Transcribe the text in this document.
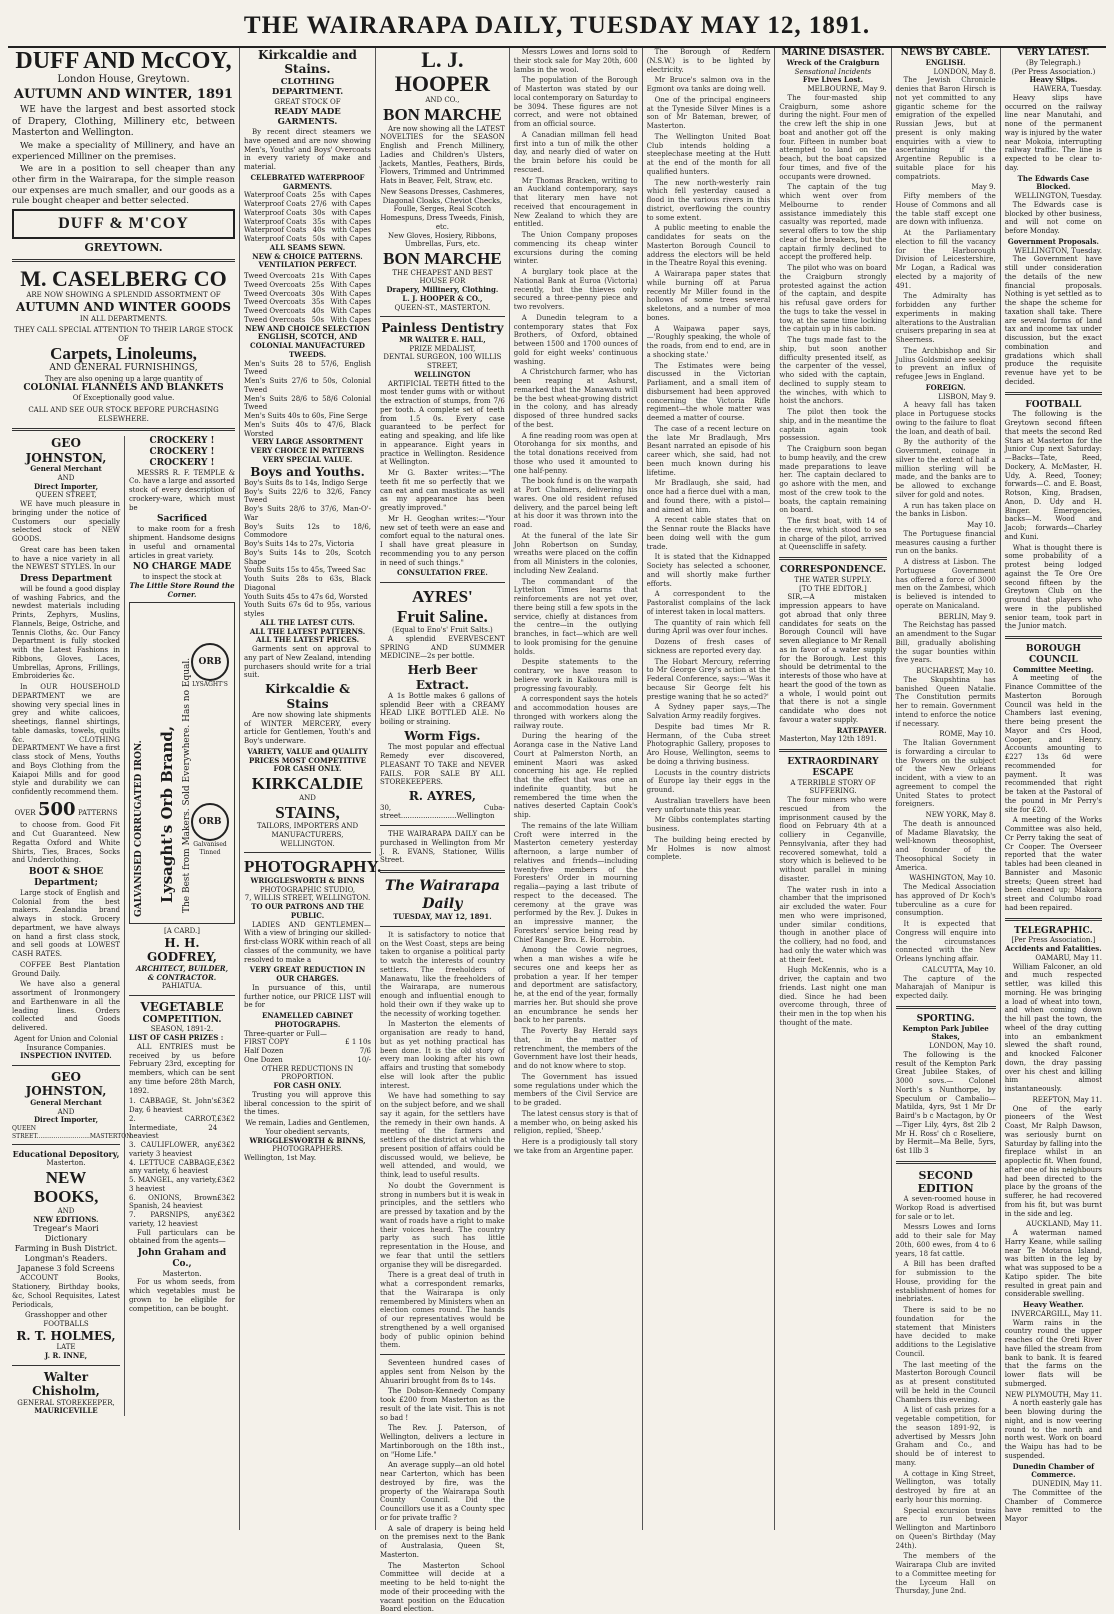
THE WAIRARAPA DAILY, TUESDAY MAY 12, 1891.
DUFF AND McCOY,
London House, Greytown.
AUTUMN AND WINTER, 1891

WE have the largest and best assorted stock of Drapery, Clothing, Millinery etc, between Masterton and Wellington.

We make a speciality of Millinery, and have an experienced Milliner on the premises.

We are in a position to sell cheaper than any other firm in the Wairarapa, for the simple reason our expenses are much smaller, and our goods as a rule bought cheaper and better selected.

DUFF & M'COY
GREYTOWN.
M. CASELBERG CO
ARE NOW SHOWING A SPLENDID ASSORTMENT OF
AUTUMN AND WINTER GOODS
IN ALL DEPARTMENTS.
THEY CALL SPECIAL ATTENTION TO THEIR LARGE STOCK OF
Carpets, Linoleums,
AND GENERAL FURNISHINGS,
They are also opening up a large quantity of
COLONIAL FLANNELS AND BLANKETS
Of Exceptionally good value.
CALL AND SEE OUR STOCK BEFORE PURCHASING ELSEWHERE.
GEO JOHNSTON,
General Merchant
AND
Direct Importer,
QUEEN STREET,

WE have much pleasure in bringing under the notice of Customers our specially selected stock of NEW GOODS.

Great care has been taken to have a nice variety in all the NEWEST STYLES. In our

Dress Department

will be found a good display of washing Fabrics, and the newdest materials including Prints, Zephyrs, Muslins, Flannels, Beige, Ostriche, and Tennis Cloths, &c. Our Fancy Department is fully stocked with the Latest Fashions in Ribbons, Gloves, Laces, Umbrellas, Aprons, Frillings, Embroideries &c.

In OUR HOUSEHOLD DEPARTMENT we are showing very special lines in grey and white calicoes, sheetings, flannel shirtings, table damasks, towels, quilts &c. CLOTHING DEPARTMENT We have a first class stock of Mens, Youths and Boys Clothing from the Kaiapoi Mills and for good style and durability we can confidently recommend them.

OVER 500 PATTERNS

to choose from. Good Fit and Cut Guaranteed. New Regatta Oxford and White Shirts, Ties, Braces, Socks and Underclothing.

BOOT & SHOE Department;

Large stock of English and Colonial from the best makers. Zealandia brand always in stock. Grocery department, we have always on hand a first class stock, and sell goods at LOWEST CASH RATES.

COFFEE Best Plantation Ground Daily.

We have also a general assortment of Ironmongery and Earthenware in all the leading lines. Orders collected and Goods delivered.

Agent for Union and Colonial Insurance Companies.
INSPECTION INVITED.
GEO JOHNSTON,
General Merchant
AND
Direct Importer,
QUEEN STREET............................MASTERTON.
Educational Depository,
Masterton.
NEW BOOKS,
AND
NEW EDITIONS.
Tregear's Maori Dictionary
Farming in Bush District.
Longman's Readers.
Japanese 3 fold Screens

ACCOUNT Books, Stationery, Birthday books, &c, School Requisites, Latest Periodicals,

Grasshopper and other FOOTBALLS
R. T. HOLMES,
LATE
J. R. INNE,
Walter Chisholm,
GENERAL STOREKEEPER,
MAURICEVILLE
CROCKERY !
CROCKERY !
CROCKERY !

MESSRS R. F. TEMPLE & Co. have a large and assorted stock of every description of crockery-ware, which must be

Sacrificed

to make room for a fresh shipment. Handsome designs in useful and ornamental articles in great variety.

NO CHARGE MADE
to inspect the stock at
The Little Store Round the Corner.
GALVANISED CORRUGATED IRON. Lysaght's Orb Brand, The Best from Makers. Sold Everywhere. Has no Equal. ORB
LYSAGHT'S
ORB
Galvanised Tinned
[A CARD.]
H. H. GODFREY,
ARCHITECT, BUILDER,
& CONTRACTOR.
PAHIATUA.
VEGETABLE
COMPETITION.
SEASON, 1891-2.
LIST OF CASH PRIZES :

ALL ENTRIES must be received by us before February 23rd, excepting for members, which can be sent any time before 28th March, 1892.

1. CABBAGE, St. John's Day, 6 heaviest
£3 £2
2. CARROT, Intermediate, 24 heaviest
£3 £2
3. CAULIFLOWER, any variety 3 heaviest
£3 £2
4. LETTUCE CABBAGE, any variety, 6 heaviest
£3 £2
5. MANGEL, any variety, 3 heaviest
£3 £2
6. ONIONS, Brown Spanish, 24 heaviest
£3 £2
7. PARSNIPS, any variety, 12 heaviest
£3 £2

Full particulars can be obtained from the agents—

John Graham and Co.,
Masterton.

For us whom seeds, from which vegetables must be grown to be eligible for competition, can be bought.

Kirkcaldie and Stains.
CLOTHING DEPARTMENT.
GREAT STOCK OF
READY MADE GARMENTS.

By recent direct steamers we have opened and are now showing Men's, Youths' and Boys' Overcoats in every variety of make and material.

CELEBRATED WATERPROOF GARMENTS.
Waterproof Coats 25s with Capes
Waterproof Coats 27/6 with Capes
Waterproof Coats 30s with Capes
Waterproof Coats 35s with Capes
Waterproof Coats 40s with Capes
Waterproof Coats 50s with Capes
ALL SEAMS SEWN.
NEW & CHOICE PATTERNS.
VENTILATION PERFECT.
Tweed Overcoats 21s With Capes
Tweed Overcoats 25s With Capes
Tweed Overcoats 30s With Capes
Tweed Overcoats 35s With Capes
Tweed Overcoats 40s With Capes
Tweed Overcoats 50s With Capes
NEW AND CHOICE SELECTION ENGLISH, SCOTCH, AND COLONIAL MANUFACTURED TWEEDS.
Men's Suits 28 to 57/6, English Tweed
Men's Suits 27/6 to 50s, Colonial Tweed
Men's Suits 28/6 to 58/6 Colonial Tweed
Men's Suits 40s to 60s, Fine Serge
Men's Suits 40s to 47/6, Black Worsted
VERY LARGE ASSORTMENT VERY CHOICE IN PATTERNS VERY SPECIAL VALUE.
Boys and Youths.
Boy's Suits 8s to 14s, Indigo Serge
Boy's Suits 22/6 to 32/6, Fancy Tweed
Boy's Suits 28/6 to 37/6, Man-O'-War
Boy's Suits 12s to 18/6, Commodore
Boy's Suits 14s to 27s, Victoria
Boy's Suits 14s to 20s, Scotch Shape
Youth Suits 15s to 45s, Tweed Sac
Youth Suits 28s to 63s, Black Diagonal
Youth Suits 45s to 47s 6d, Worsted
Youth Suits 67s 6d to 95s, various styles
ALL THE LATEST CUTS.
ALL THE LATEST PATTERNS.
ALL THE LATEST PRICES.

Garments sent on approval to any part of New Zealand, intending purchasers should write for a trial suit.

Kirkcaldie & Stains

Are now showing late shipments of WINTER MERCERY, every article for Gentlemen, Youth's and Boy's underware.

VARIETY, VALUE and QUALITY PRICES MOST COMPETITIVE FOR CASH ONLY.
KIRKCALDIE
AND
STAINS,
TAILORS, IMPORTERS AND MANUFACTURERS,
WELLINGTON.
PHOTOGRAPHY.
WRIGGLESWORTH & BINNS
PHOTOGRAPHIC STUDIO,
7, WILLIS STREET, WELLINGTON.
TO OUR PATRONS AND THE PUBLIC.

LADIES AND GENTLEMEN—With a view of bringing our skilled-first-class WORK within reach of all classes of the community, we have resolved to make a

VERY GREAT REDUCTION IN OUR CHARGES.

In pursuance of this, until further notice, our PRICE LIST will be for

ENAMELLED CABINET PHOTOGRAPHS.
Three-quarter or Full—
FIRST COPY	£ 1 10s
Half Dozen	7/6
One Dozen	10/-
OTHER REDUCTIONS IN PROPORTION.
FOR CASH ONLY.

Trusting you will approve this liberal concession to the spirit of the times.

We remain, Ladies and Gentlemen, Your obedient servants,
WRIGGLESWORTH & BINNS,
PHOTOGRAPHERS.
Wellington, 1st May.
L. J. HOOPER
AND CO.,
BON MARCHE

Are now showing all the LATEST NOVELTIES for the SEASON English and French Millinery, Ladies and Children's Ulsters, Jackets, Mantles, Feathers, Birds, Flowers, Trimmed and Untrimmed Hats in Beaver, Felt, Straw, etc.

New Seasons Dresses, Cashmeres, Diagonal Cloaks, Cheviot Checks, Foulle, Serges, Real Scotch Homespuns, Dress Tweeds, Finish, etc.
New Gloves, Hosiery, Ribbons, Umbrellas, Furs, etc.
BON MARCHE
THE CHEAPEST AND BEST HOUSE FOR
Drapery, Millinery, Clothing.
L. J. HOOPER & CO.,
QUEEN-ST., MASTERTON.
Painless Dentistry
MR WALTER E. HALL,
PRIZE MEDALIST,
DENTAL SURGEON, 100 WILLIS STREET,
WELLINGTON

ARTIFICIAL TEETH fitted to the most tender gums with or without the extraction of stumps, from 7/6 per tooth. A complete set of teeth from 1.5 0s. Every case guaranteed to be perfect for eating and speaking, and life like in appearance. Eight years in practice in Wellington. Residence at Wellington.

Mr G. Baxter writes:—"The teeth fit me so perfectly that we can eat and can masticate as well as my appearance has been greatly improved."

Mr H. Geoghan writes:—"Your new set of teeth were an ease and comfort equal to the natural ones. I shall have great pleasure in recommending you to any person in need of such things."

CONSULTATION FREE.
AYRES'
Fruit Saline.
(Equal to Eno's' Fruit Salts.)

A splendid EVERVESCENT SPRING AND SUMMER MEDICINE—2s per bottle.

Herb Beer Extract.

A 1s Bottle makes 6 gallons of splendid Beer with a CREAMY HEAD LIKE BOTTLED ALE. No boiling or straining.

Worm Figs.

The most popular and effectual Remedy ever discovered, PLEASANT TO TAKE and NEVER FAILS. FOR SALE BY ALL STOREKEEPERS.

R. AYRES,
30, Cuba-street.........................Wellington

THE WAIRARAPA DAILY can be purchased in Wellington from Mr J. R. EVANS, Stationer, Willis Street.

The Wairarapa Daily
TUESDAY, MAY 12, 1891.

It is satisfactory to notice that on the West Coast, steps are being taken to organise a political party to watch the interests of country settlers. The freeholders of Manawatu, like the freeholders of the Wairarapa, are numerous enough and influential enough to hold their own if they wake up to the necessity of working together.

In Masterton the elements of organisation are ready to hand, but as yet nothing practical has been done. It is the old story of every man looking after his own affairs and trusting that somebody else will look after the public interest.

We have had something to say on the subject before, and we shall say it again, for the settlers have the remedy in their own hands. A meeting of the farmers and settlers of the district at which the present position of affairs could be discussed would, we believe, be well attended, and would, we think, lead to useful results.

No doubt the Government is strong in numbers but it is weak in principles, and the settlers who are pressed by taxation and by the want of roads have a right to make their voices heard. The country party as such has little representation in the House, and we fear that until the settlers organise they will be disregarded.

There is a great deal of truth in what a correspondent remarks, that the Wairarapa is only remembered by Ministers when an election comes round. The hands of our representatives would be strengthened by a well organised body of public opinion behind them.

Seventeen hundred cases of apples sent from Nelson by the Ahuariri brought from 8s to 14s.

The Dobson-Kennedy Company took £200 from Masterton as the result of the late visit. This is not so bad !

The Rev. J. Paterson, of Wellington, delivers a lecture in Martinborough on the 18th inst., on "Home Life."

An average supply—an old hotel near Carterton, which has been destroyed by fire, was the property of the Wairarapa South County Council. Did the Councillors use it as a County spec or for private traffic ?

A sale of drapery is being held on the premises next to the Bank of Australasia, Queen St, Masterton.

The Masterton School Committee will decide at a meeting to be held to-night the mode of their proceeding with the vacant position on the Education Board election.

Messrs Lowes and Iorns sold to their stock sale for May 20th, 600 lambs in the wool.

The population of the Borough of Masterton was stated by our local contemporary on Saturday to be 3094. These figures are not correct, and were not obtained from an official source.

A Canadian millman fell head first into a tun of milk the other day, and nearly died of water on the brain before his could be rescued.

Mr Thomas Bracken, writing to an Auckland contemporary, says that literary men have not received that encouragement in New Zealand to which they are entitled.

The Union Company proposes commencing its cheap winter excursions during the coming winter.

A burglary took place at the National Bank at Euroa (Victoria) recently, but the thieves only secured a three-penny piece and two revolvers.

A Dunedin telegram to a contemporary states that Fox Brothers, of Oxford, obtained between 1500 and 1700 ounces of gold for eight weeks' continuous washing.

A Christchurch farmer, who has been reaping at Ashurst, remarked that the Manawatu will be the best wheat-growing district in the colony, and has already disposed of three hundred sacks of the best.

A fine reading room was open at Otorohanga for six months, and the total donations received from those who used it amounted to one half-penny.

The book fund is on the warpath at Port Chalmers, delivering his wares. One old resident refused delivery, and the parcel being left at his door it was thrown into the road.

At the funeral of the late Sir John Robertson on Sunday, wreaths were placed on the coffin from all Ministers in the colonies, including New Zealand.

The commandant of the Lyttelton Times learns that reinforcements are not yet over, there being still a few spots in the service, chiefly at distances from the centre—in the outlying branches, in fact—which are well to look promising for the genuine holds.

Despite statements to the contrary, we have reason to believe work in Kaikoura mill is progressing favourably.

A correspondent says the hotels and accommodation houses are thronged with workers along the railway route.

During the hearing of the Aoranga case in the Native Land Court at Palmerston North, an eminent Maori was asked concerning his age. He replied that the effect that was one an indefinite quantity, but he remembered the time when the natives deserted Captain Cook's ship.

The remains of the late William Croft were interred in the Masterton cemetery yesterday afternoon, a large number of relatives and friends—including twenty-five members of the Foresters' Order in mourning regalia—paying a last tribute of respect to the deceased. The ceremony at the grave was performed by the Rev. J. Dukes in an impressive manner, the Foresters' service being read by Chief Ranger Bro. E. Horrobin.

Among the Cowie negroes, when a man wishes a wife he secures one and keeps her as probation a year. If her temper and deportment are satisfactory, he, at the end of the year, formally marries her. But should she prove an encumbrance he sends her back to her parents.

The Poverty Bay Herald says that, in the matter of retrenchment, the members of the Government have lost their heads, and do not know where to stop.

The Government has issued some regulations under which the members of the Civil Service are to be graded.

The latest census story is that of a member who, on being asked his religion, replied, 'Sheep.'

Here is a prodigiously tall story we take from an Argentine paper.

The Borough of Redfern (N.S.W.) is to be lighted by electricity.

Mr Bruce's salmon ova in the Egmont ova tanks are doing well.

One of the principal engineers at the Tyneside Silver Mines is a son of Mr Bateman, brewer, of Masterton.

The Wellington United Boat Club intends holding a steeplechase meeting at the Hutt at the end of the month for all qualified hunters.

The new north-westerly rain which fell yesterday caused a flood in the various rivers in this district, overflowing the country to some extent.

A public meeting to enable the candidates for seats on the Masterton Borough Council to address the electors will be held in the Theatre Royal this evening.

A Wairarapa paper states that while burning off at Parua recently Mr Miller found in the hollows of some trees several skeletons, and a number of moa bones.

A Waipawa paper says,—'Roughly speaking, the whole of the roads, from end to end, are in a shocking state.'

The Estimates were being discussed in the Victorian Parliament, and a small item of disbursement had been approved concerning the Victoria Rifle regiment—the whole matter was deemed a matter of course.

The case of a recent lecture on the late Mr Bradlaugh, Mrs Besant narrated an episode of his career which, she said, had not been much known during his lifetime.

Mr Bradlaugh, she said, had once had a fierce duel with a man, and found there, with a pistol—and aimed at him.

A recent cable states that on the Sennar route the Blacks have been doing well with the gum trade.

It is stated that the Kidnapped Society has selected a schooner, and will shortly make further efforts.

A correspondent to the Pastoralist complains of the lack of interest taken in local matters.

The quantity of rain which fell during April was over four inches.

Dozens of fresh cases of sickness are reported every day.

The Hobart Mercury, referring to Mr George Grey's action at the Federal Conference, says:—'Was it because Sir George felt his prestige waning that he so acted?'

A Sydney paper says,—The Salvation Army readily forgives.

Despite bad times Mr R. Hermann, of the Cuba street Photographic Gallery, proposes to Aro House, Wellington, seems to be doing a thriving business.

Locusts in the country districts of Europe lay their eggs in the ground.

Australian travellers have been very unfortunate this year.

Mr Gibbs contemplates starting business.

The building being erected by Mr Holmes is now almost complete.

MARINE DISASTER.
Wreck of the Craigburn
Sensational Incidents
Five Lives Lost.
MELBOURNE, May 9.

The four-masted ship Craigburn, some ashore during the night. Four men of the crew left the ship in one boat and another got off the four. Fifteen in number boat attempted to land on the beach, but the boat capsized four times, and five of the occupants were drowned.

The captain of the tug which went over from Melbourne to render assistance immediately this casualty was reported, made several offers to tow the ship clear of the breakers, but the captain firmly declined to accept the proffered help.

The pilot who was on board the Craigburn strongly protested against the action of the captain, and despite his refusal gave orders for the tugs to take the vessel in tow, at the same time locking the captain up in his cabin.

The tugs made fast to the ship, but soon another difficulty presented itself, as the carpenter of the vessel, who sided with the captain, declined to supply steam to the winches, with which to hoist the anchors.

The pilot then took the ship, and in the meantime the captain again took possession.

The Craigburn soon began to bump heavily, and the crew made preparations to leave her. The captain declared to go ashore with the men, and most of the crew took to the boats, the captain remaining on board.

The first boat, with 14 of the crew, which stood to sea in charge of the pilot, arrived at Queenscliffe in safety.

CORRESPONDENCE.
THE WATER SUPPLY.
[TO THE EDITOR.]

SIR,—A mistaken impression appears to have got abroad that only three candidates for seats on the Borough Council will have seven allegiance to Mr Renall as in favor of a water supply for the Borough. Lest this should be detrimental to the interests of those who have at heart the good of the town as a whole, I would point out that there is not a single candidate who does not favour a water supply.

RATEPAYER.
Masterton, May 12th 1891.
EXTRAORDINARY ESCAPE
A TERRIBLE STORY OF SUFFERING.

The four miners who were rescued from the imprisonment caused by the flood on February 4th at a colliery in Ceganville, Pennsylvania, after they had recovered somewhat, told a story which is believed to be without parallel in mining disaster.

The water rush in into a chamber that the imprisoned air excluded the water. Four men who were imprisoned, under similar conditions, though in another place of the colliery, had no food, and had only the water which was at their feet.

Hugh McKennis, who is a driver, the captain and two friends. Last night one man died. Since he had been overcome through, three of their men in the top when his thought of the mate.

NEWS BY CABLE.
ENGLISH.
LONDON, May 8.

The Jewish Chronicle denies that Baron Hirsch is not yet committed to any gigantic scheme for the emigration of the expelled Russian Jews, but at present is only making enquiries with a view to ascertaining if the Argentine Republic is a suitable place for his compatriots.

May 9.

Fifty members of the House of Commons and all the table staff except one are down with influenza.

At the Parliamentary election to fill the vacancy for the Harborough Division of Leicestershire, Mr Logan, a Radical was elected by a majority of 491.

The Admiralty has forbidden any further experiments in making alterations to the Australian cruisers preparing in sea at Sheerness.

The Archbishop and Sir Julius Goldsmid are seeking to prevent an influx of refugee Jews in England.

FOREIGN.
LISBON, May 9.

A heavy fall has taken place in Portuguese stocks owing to the failure to float the loan, and death of bail.

By the authority of the Government, coinage in silver to the extent of half a million sterling will be made, and the banks are to be allowed to exchange silver for gold and notes.

A run has taken place on the banks in Lisbon.

May 10.

The Portuguese financial measures causing a further run on the banks.

A distress at Lisbon. The Portuguese Government has offered a force of 3000 men on the Zambesi, which is believed is intended to operate on Manicaland.

BERLIN, May 9.

The Reichstag has passed an amendment to the Sugar Bill, gradually abolishing the sugar bounties within five years.

BUCHAREST, May 10.

The Skupshtina has banished Queen Natalie. The Constitution permits her to remain. Government intend to enforce the notice if necessary.

ROME, May 10.

The Italian Government is forwarding a circular to the Powers on the subject of the New Orleans incident, with a view to an agreement to compel the United States to protect foreigners.

NEW YORK, May 8.

The death is announced of Madame Blavatsky, the well-known theosophist, and founder of the Theosophical Society in America.

WASHINGTON, May 10.

The Medical Association has approved of Dr Koch's tuberculine as a cure for consumption.

It is expected that Congress will enquire into the circumstances connected with the New Orleans lynching affair.

CALCUTTA, May 10.

The capture of the Maharajah of Manipur is expected daily.

SPORTING.
Kempton Park Jubilee Stakes,
LONDON, May 10.

The following is the result of the Kempton Park Great Jubilee Stakes, of 3000 sovs.— Colonel North's s Nunthorpe, by Speculum or Cambalio— Matilda, 4yrs, 9st 1 Mr Dr Baird's b c Mactagon, by Or—Tiger Lily, 4yrs, 8st 2lb 2 Mr H. Ross' ch c Roseliere, by Hermit—Ma Belle, 5yrs, 6st 1llb 3

SECOND EDITION

A seven-roomed house in Workop Road is advertised for sale or to let.

Messrs Lowes and Iorns add to their sale for May 20th, 600 ewes, from 4 to 6 years, 18 fat cattle.

A Bill has been drafted for submission to the House, providing for the establishment of homes for inebriates.

There is said to be no foundation for the statement that Ministers have decided to make additions to the Legislative Council.

The last meeting of the Masterton Borough Council as at present constituted will be held in the Council Chambers this evening.

A list of cash prizes for a vegetable competition, for the season 1891-92, is advertised by Messrs John Graham and Co., and should be of interest to many.

A cottage in King Street, Wellington, was totally destroyed by fire at an early hour this morning.

Special excursion trains are to run between Wellington and Martinboro on Queen's Birthday (May 24th).

The members of the Wairarapa Club are invited to a Committee meeting for the Lyceum Hall on Thursday, June 2nd.

VERY LATEST.
(By Telegraph.)
(Per Press Association.)
Heavy Slips.
HAWERA, Tuesday.

Heavy slips have occurred on the railway line near Manutahi, and none of the permanent way is injured by the water near Mokoia, interrupting railway traffic. The line is expected to be clear to-day.

The Edwards Case Blocked.
WELLINGTON, Tuesday.

The Edwards case is blocked by other business, and will not come on before Monday.

Government Proposals.
WELLINGTON, Tuesday.

The Government have still under consideration the details of the new financial proposals. Nothing is yet settled as to the shape the scheme for taxation shall take. There are several forms of land tax and income tax under discussion, but the exact combination and gradations which shall produce the requisite revenue have yet to be decided.

FOOTBALL

The following is the Greytown second fifteen that meets the second Red Stars at Masterton for the Junior Cup next Saturday:—Backs—Tate, Reed, Dockery, A. McMaster, H. Udy, A. Reed, Tooney; forwards—C. and E. Boast, Rotson, King, Bradsen, Anon, D. Udy and H. Binger. Emergencies, backs—M. Wood and Jacob; forwards—Charley and Kuni.

What is thought there is some probability of a protest being lodged against the Te Ore Ore second fifteen by the Greytown Club on the ground that players who were in the published senior team, took part in the Junior match.

BOROUGH COUNCIL
Committee Meeting.

A meeting of the Finance Committee of the Masterton Borough Council was held in the Chambers last evening, there being present the Mayor and Crs Hood, Cooper, and Henry. Accounts amounting to £227 13s 6d were recommended for payment. It was recommended that right be taken at the Pastoral of the pound in Mr Perry's site for £20.

A meeting of the Works Committee was also held, Cr Perry taking the seat of Cr Cooper. The Overseer reported that the water tables had been cleaned in Bannister and Masonic streets; Queen street had been cleaned up; Makora street and Columbo road had been repaired.

TELEGRAPHIC.
[Per Press Association.]
Accidents and Fatalities.
OAMARU, May 11.

William Falconer, an old and much respected settler, was killed this morning. He was bringing a load of wheat into town, and when coming down the hill past the town, the wheel of the dray cutting into an embankment slewed the shaft round, and knocked Falconer down, the dray passing over his chest and killing him almost instantaneously.

REEFTON, May 11.

One of the early pioneers of the West Coast, Mr Ralph Dawson, was seriously burnt on Saturday by falling into the fireplace whilst in an apoplectic fit. When found, after one of his neighbours had been directed to the place by the groans of the sufferer, he had recovered from his fit, but was burnt in the side and leg.

AUCKLAND, May 11.

A waterman named Harry Keane, while sailing near Te Motaroa Island, was bitten in the leg by what was supposed to be a Katipo spider. The bite resulted in great pain and considerable swelling.

Heavy Weather.
INVERCARGILL, May 11.

Warm rains in the country round the upper reaches of the Oreti River have filled the stream from bank to bank. It is feared that the farms on the lower flats will be submerged.

NEW PLYMOUTH, May 11.

A north easterly gale has been blowing during the night, and is now veering round to the north and north west. Work on board the Waipu has had to be suspended.

Dunedin Chamber of Commerce.
DUNEDIN, May 11.

The Committee of the Chamber of Commerce have remitted to the Mayor
